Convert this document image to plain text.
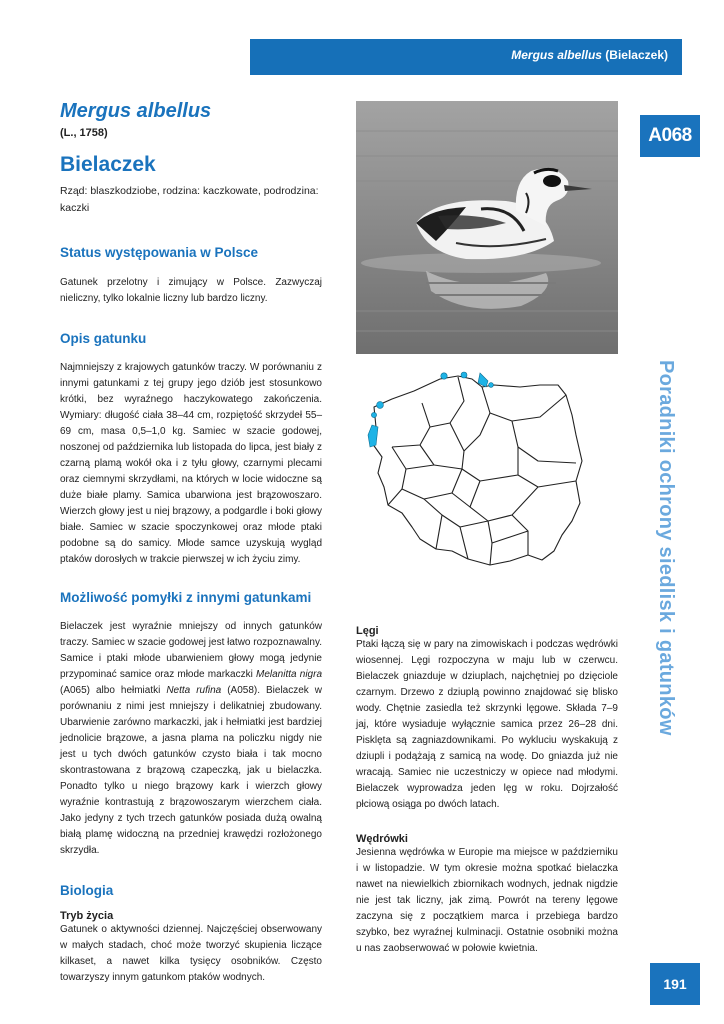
Mergus albellus (Bielaczek)
A068
Poradniki ochrony siedlisk i gatunków
191
Mergus albellus
(L., 1758)
Bielaczek

Rząd: blaszkodziobe, rodzina: kaczkowate, podrodzina: kaczki

Status występowania w Polsce

Gatunek przelotny i zimujący w Polsce. Zazwyczaj nieliczny, tylko lokalnie liczny lub bardzo liczny.

Opis gatunku

Najmniejszy z krajowych gatunków traczy. W porównaniu z innymi gatunkami z tej grupy jego dziób jest stosunkowo krótki, bez wyraźnego haczykowatego zakończenia. Wymiary: długość ciała 38–44 cm, rozpiętość skrzydeł 55–69 cm, masa 0,5–1,0 kg. Samiec w szacie godowej, noszonej od października lub listopada do lipca, jest biały z czarną plamą wokół oka i z tyłu głowy, czarnymi plecami oraz ciemnymi skrzydłami, na których w locie widoczne są duże białe plamy. Samica ubarwiona jest brązowoszaro. Wierzch głowy jest u niej brązowy, a podgardle i boki głowy białe. Samiec w szacie spoczynkowej oraz młode ptaki podobne są do samicy. Młode samce uzyskują wygląd ptaków dorosłych w trakcie pierwszej w ich życiu zimy.

Możliwość pomyłki z innymi gatunkami

Bielaczek jest wyraźnie mniejszy od innych gatunków traczy. Samiec w szacie godowej jest łatwo rozpoznawalny. Samice i ptaki młode ubarwieniem głowy mogą jedynie przypominać samice oraz młode markaczki Melanitta nigra (A065) albo hełmiatki Netta rufina (A058). Bielaczek w porównaniu z nimi jest mniejszy i delikatniej zbudowany. Ubarwienie zarówno markaczki, jak i hełmiatki jest bardziej jednolicie brązowe, a jasna plama na policzku nigdy nie jest u tych dwóch gatunków czysto biała i tak mocno skontrastowana z brązową czapeczką, jak u bielaczka. Ponadto tylko u niego brązowy kark i wierzch głowy wyraźnie kontrastują z brązowoszarym wierzchem ciała. Jako jedyny z tych trzech gatunków posiada dużą owalną białą plamę widoczną na przedniej krawędzi rozłożonego skrzydła.

Biologia
Tryb życia

Gatunek o aktywności dziennej. Najczęściej obserwowany w małych stadach, choć może tworzyć skupienia liczące kilkaset, a nawet kilka tysięcy osobników. Często towarzyszy innym gatunkom ptaków wodnych.

Lęgi

Ptaki łączą się w pary na zimowiskach i podczas wędrówki wiosennej. Lęgi rozpoczyna w maju lub w czerwcu. Bielaczek gniazduje w dziuplach, najchętniej po dzięciole czarnym. Drzewo z dziuplą powinno znajdować się blisko wody. Chętnie zasiedla też skrzynki lęgowe. Składa 7–9 jaj, które wysiaduje wyłącznie samica przez 26–28 dni. Pisklęta są zagniazdownikami. Po wykluciu wyskakują z dziupli i podążają z samicą na wodę. Do gniazda już nie wracają. Samiec nie uczestniczy w opiece nad młodymi. Bielaczek wyprowadza jeden lęg w roku. Dojrzałość płciową osiąga po dwóch latach.

Wędrówki

Jesienna wędrówka w Europie ma miejsce w październiku i w listopadzie. W tym okresie można spotkać bielaczka nawet na niewielkich zbiornikach wodnych, jednak nigdzie nie jest tak liczny, jak zimą. Powrót na tereny lęgowe zaczyna się z początkiem marca i przebiega bardzo szybko, bez wyraźnej kulminacji. Ostatnie osobniki można u nas zaobserwować w połowie kwietnia.
